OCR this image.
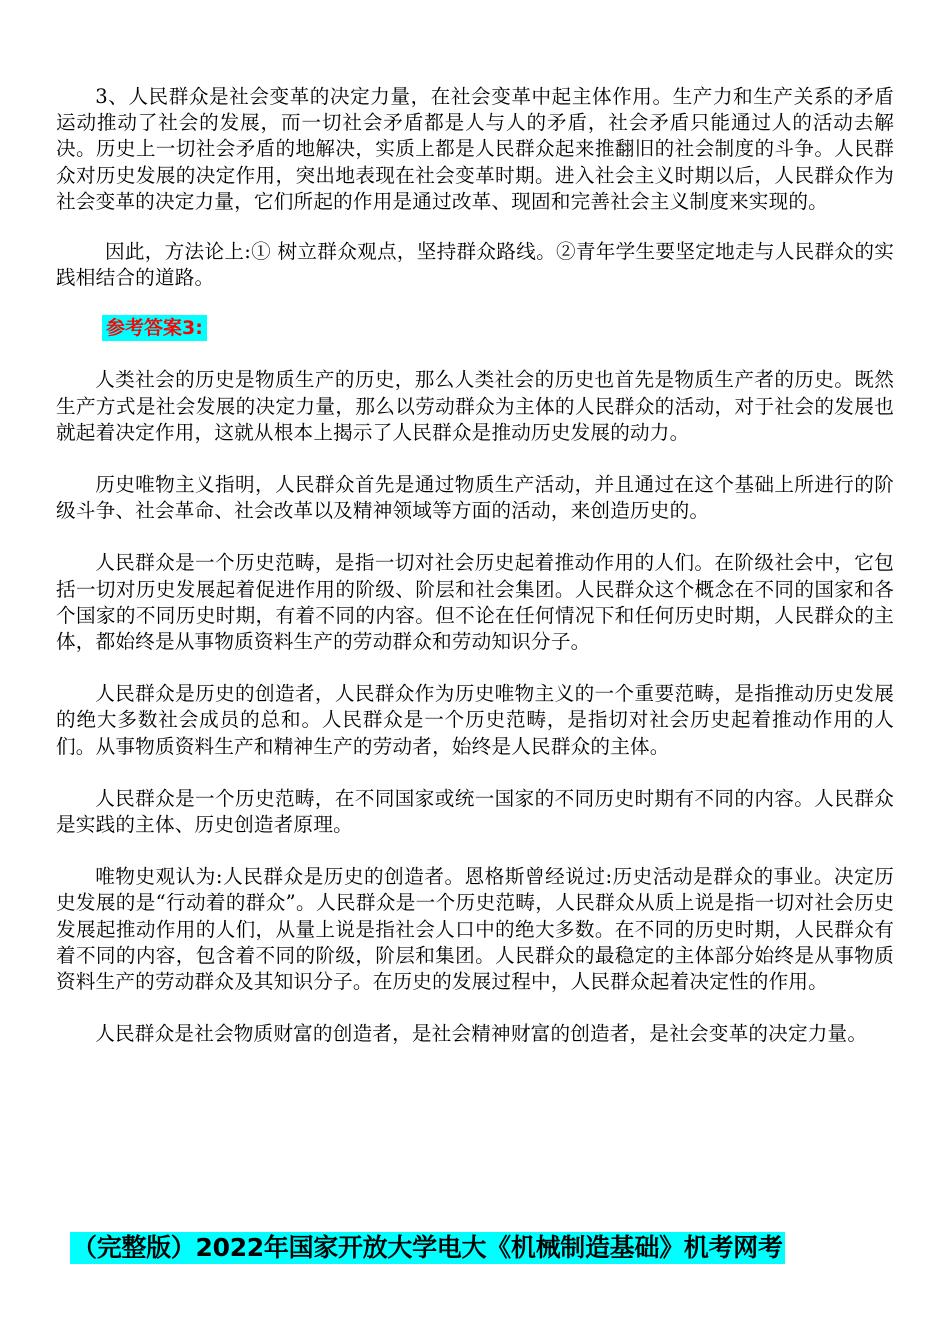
3、人民群众是社会变革的决定力量，在社会变革中起主体作用。生产力和生产关系的矛盾运动推动了社会的发展，而一切社会矛盾都是人与人的矛盾，社会矛盾只能通过人的活动去解决。历史上一切社会矛盾的地解决，实质上都是人民群众起来推翻旧的社会制度的斗争。人民群众对历史发展的决定作用，突出地表现在社会变革时期。进入社会主义时期以后，人民群众作为社会变革的决定力量，它们所起的作用是通过改革、现固和完善社会主义制度来实现的。

因此，方法论上:① 树立群众观点，坚持群众路线。②青年学生要坚定地走与人民群众的实践相结合的道路。

参考答案3:

人类社会的历史是物质生产的历史，那么人类社会的历史也首先是物质生产者的历史。既然生产方式是社会发展的决定力量，那么以劳动群众为主体的人民群众的活动，对于社会的发展也就起着决定作用，这就从根本上揭示了人民群众是推动历史发展的动力。

历史唯物主义指明，人民群众首先是通过物质生产活动，并且通过在这个基础上所进行的阶级斗争、社会革命、社会改革以及精神领域等方面的活动，来创造历史的。

人民群众是一个历史范畴，是指一切对社会历史起着推动作用的人们。在阶级社会中，它包括一切对历史发展起着促进作用的阶级、阶层和社会集团。人民群众这个概念在不同的国家和各个国家的不同历史时期，有着不同的内容。但不论在任何情况下和任何历史时期，人民群众的主体，都始终是从事物质资料生产的劳动群众和劳动知识分子。

人民群众是历史的创造者，人民群众作为历史唯物主义的一个重要范畴，是指推动历史发展的绝大多数社会成员的总和。人民群众是一个历史范畴，是指切对社会历史起着推动作用的人们。从事物质资料生产和精神生产的劳动者，始终是人民群众的主体。

人民群众是一个历史范畴，在不同国家或统一国家的不同历史时期有不同的内容。人民群众是实践的主体、历史创造者原理。

唯物史观认为:人民群众是历史的创造者。恩格斯曾经说过:历史活动是群众的事业。决定历史发展的是“行动着的群众”。人民群众是一个历史范畴，人民群众从质上说是指一切对社会历史发展起推动作用的人们，从量上说是指社会人口中的绝大多数。在不同的历史时期，人民群众有着不同的内容，包含着不同的阶级，阶层和集团。人民群众的最稳定的主体部分始终是从事物质资料生产的劳动群众及其知识分子。在历史的发展过程中，人民群众起着决定性的作用。

人民群众是社会物质财富的创造者，是社会精神财富的创造者，是社会变革的决定力量。

（完整版）2022年国家开放大学电大《机械制造基础》机考网考
